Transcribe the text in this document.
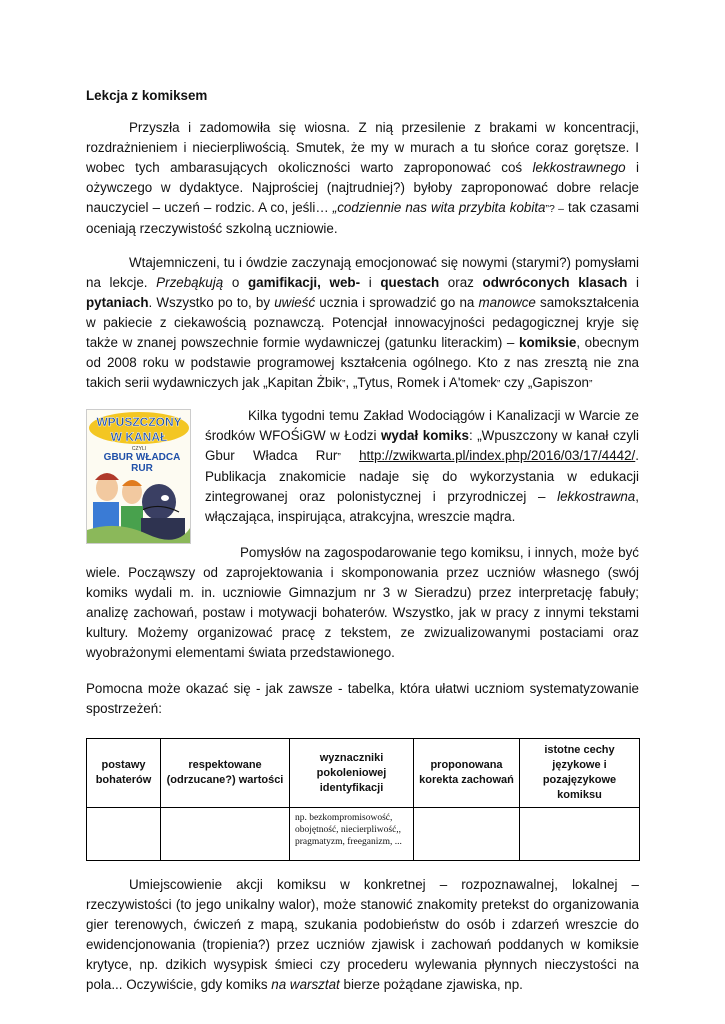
Lekcja z komiksem

Przyszła i zadomowiła się wiosna. Z nią przesilenie z brakami w koncentracji, rozdrażnieniem i niecierpliwością. Smutek, że my w murach a tu słońce coraz gorętsze. I wobec tych ambarasujących okoliczności warto zaproponować coś lekkostrawnego i ożywczego w dydaktyce. Najprościej (najtrudniej?) byłoby zaproponować dobre relacje nauczyciel – uczeń – rodzic. A co, jeśli… „codziennie nas wita przybita kobita”? – tak czasami oceniają rzeczywistość szkolną uczniowie.

Wtajemniczeni, tu i ówdzie zaczynają emocjonować się nowymi (starymi?) pomysłami na lekcje. Przebąkują o gamifikacji, web- i questach oraz odwróconych klasach i pytaniach. Wszystko po to, by uwieść ucznia i sprowadzić go na manowce samokształcenia w pakiecie z ciekawością poznawczą. Potencjał innowacyjności pedagogicznej kryje się także w znanej powszechnie formie wydawniczej (gatunku literackim) – komiksie, obecnym od 2008 roku w podstawie programowej kształcenia ogólnego. Kto z nas zresztą nie zna takich serii wydawniczych jak „Kapitan Żbik”, „Tytus, Romek i A'tomek” czy „Gapiszon”

WPUSZCZONY
W KANAŁ
CZYLI
GBUR WŁADCA
RUR

Kilka tygodni temu Zakład Wodociągów i Kanalizacji w Warcie ze środków WFOŚiGW w Łodzi wydał komiks: „Wpuszczony w kanał czyli Gbur Władca Rur” http://zwikwarta.pl/index.php/2016/03/17/4442/. Publikacja znakomicie nadaje się do wykorzystania w edukacji zintegrowanej oraz polonistycznej i przyrodniczej – lekkostrawna, włączająca, inspirująca, atrakcyjna, wreszcie mądra.

Pomysłów na zagospodarowanie tego komiksu, i innych, może być wiele. Począwszy od zaprojektowania i skomponowania przez uczniów własnego (swój komiks wydali m. in. uczniowie Gimnazjum nr 3 w Sieradzu) przez interpretację fabuły; analizę zachowań, postaw i motywacji bohaterów. Wszystko, jak w pracy z innymi tekstami kultury. Możemy organizować pracę z tekstem, ze zwizualizowanymi postaciami oraz wyobrażonymi elementami świata przedstawionego.

Pomocna może okazać się - jak zawsze - tabelka, która ułatwi uczniom systematyzowanie spostrzeżeń:

postawy bohaterów	respektowane (odrzucane?) wartości	wyznaczniki pokoleniowej identyfikacji	proponowana korekta zachowań	istotne cechy językowe i pozajęzykowe komiksu
		np. bezkompromisowość, obojętność, niecierpliwość,, pragmatyzm, freeganizm, ...		

Umiejscowienie akcji komiksu w konkretnej – rozpoznawalnej, lokalnej – rzeczywistości (to jego unikalny walor), może stanowić znakomity pretekst do organizowania gier terenowych, ćwiczeń z mapą, szukania podobieństw do osób i zdarzeń wreszcie do ewidencjonowania (tropienia?) przez uczniów zjawisk i zachowań poddanych w komiksie krytyce, np. dzikich wysypisk śmieci czy procederu wylewania płynnych nieczystości na pola... Oczywiście, gdy komiks na warsztat bierze pożądane zjawiska, np.
